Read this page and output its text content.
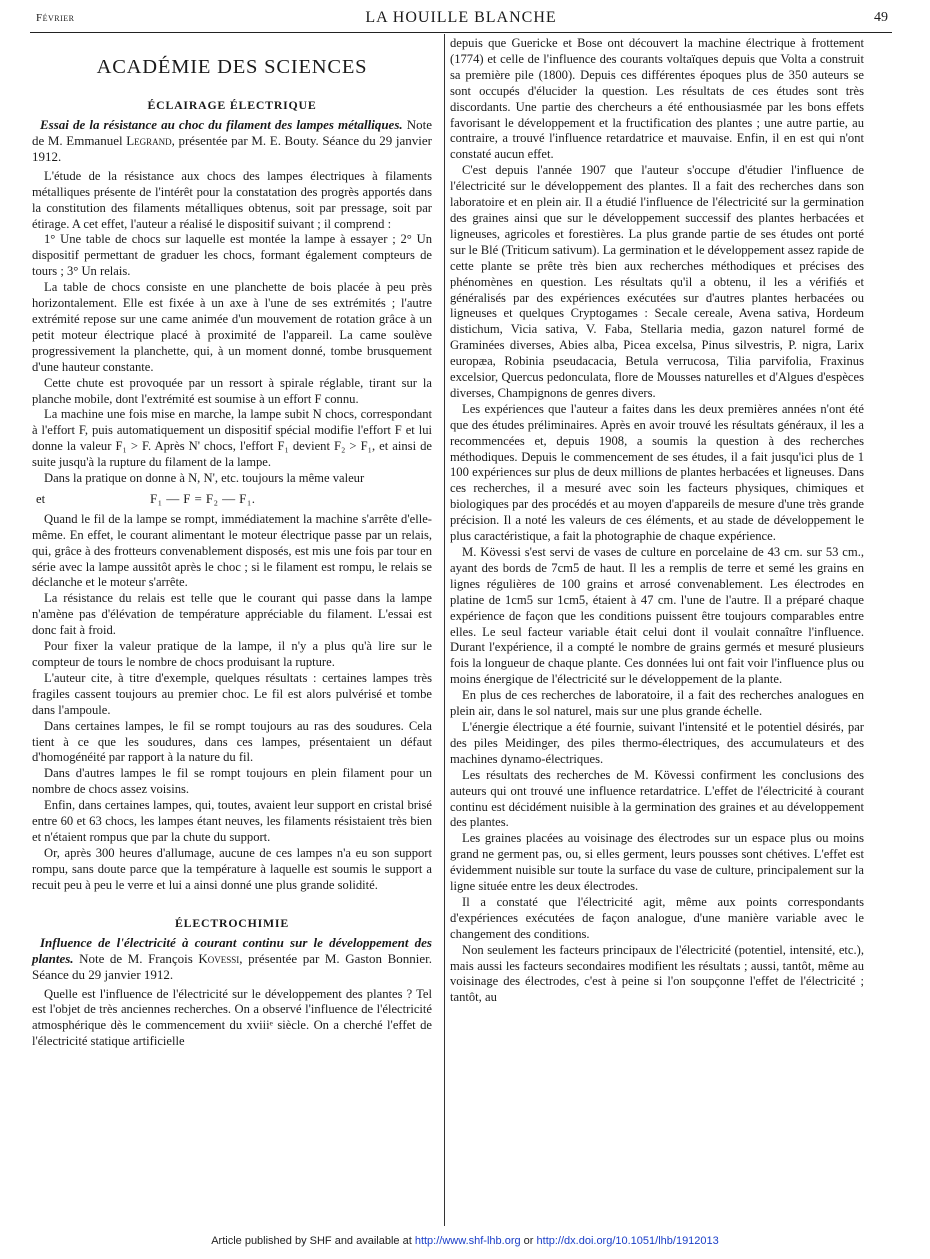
Février	LA HOUILLE BLANCHE	49
ACADÉMIE DES SCIENCES
ÉCLAIRAGE ÉLECTRIQUE
Essai de la résistance au choc du filament des lampes métalliques. Note de M. Emmanuel Legrand, présentée par M. E. Bouty. Séance du 29 janvier 1912.

L'étude de la résistance aux chocs des lampes électriques à filaments métalliques présente de l'intérêt pour la constatation des progrès apportés dans la constitution des filaments métalliques obtenus, soit par pressage, soit par étirage. A cet effet, l'auteur a réalisé le dispositif suivant ; il comprend :

1° Une table de chocs sur laquelle est montée la lampe à essayer ; 2° Un dispositif permettant de graduer les chocs, formant également compteurs de tours ; 3° Un relais.

La table de chocs consiste en une planchette de bois placée à peu près horizontalement. Elle est fixée à un axe à l'une de ses extrémités ; l'autre extrémité repose sur une came animée d'un mouvement de rotation grâce à un petit moteur électrique placé à proximité de l'appareil. La came soulève progressivement la planchette, qui, à un moment donné, tombe brusquement d'une hauteur constante.

Cette chute est provoquée par un ressort à spirale réglable, tirant sur la planche mobile, dont l'extrémité est soumise à un effort F connu.

La machine une fois mise en marche, la lampe subit N chocs, correspondant à l'effort F, puis automatiquement un dispositif spécial modifie l'effort F et lui donne la valeur F₁ > F. Après N' chocs, l'effort F₁ devient F₂ > F₁, et ainsi de suite jusqu'à la rupture du filament de la lampe.

Dans la pratique on donne à N, N', etc. toujours la même valeur

et	F₁ — F = F₂ — F₁.

Quand le fil de la lampe se rompt, immédiatement la machine s'arrête d'elle-même. En effet, le courant alimentant le moteur électrique passe par un relais, qui, grâce à des frotteurs convenablement disposés, est mis une fois par tour en série avec la lampe aussitôt après le choc ; si le filament est rompu, le relais se déclanche et le moteur s'arrête.

La résistance du relais est telle que le courant qui passe dans la lampe n'amène pas d'élévation de température appréciable du filament. L'essai est donc fait à froid.

Pour fixer la valeur pratique de la lampe, il n'y a plus qu'à lire sur le compteur de tours le nombre de chocs produisant la rupture.

L'auteur cite, à titre d'exemple, quelques résultats : certaines lampes très fragiles cassent toujours au premier choc. Le fil est alors pulvérisé et tombe dans l'ampoule.

Dans certaines lampes, le fil se rompt toujours au ras des soudures. Cela tient à ce que les soudures, dans ces lampes, présentaient un défaut d'homogénéité par rapport à la nature du fil.

Dans d'autres lampes le fil se rompt toujours en plein filament pour un nombre de chocs assez voisins.

Enfin, dans certaines lampes, qui, toutes, avaient leur support en cristal brisé entre 60 et 63 chocs, les lampes étant neuves, les filaments résistaient très bien et n'étaient rompus que par la chute du support.

Or, après 300 heures d'allumage, aucune de ces lampes n'a eu son support rompu, sans doute parce que la température à laquelle est soumis le support a recuit peu à peu le verre et lui a ainsi donné une plus grande solidité.

ÉLECTROCHIMIE
Influence de l'électricité à courant continu sur le développement des plantes. Note de M. François Kovessi, présentée par M. Gaston Bonnier. Séance du 29 janvier 1912.

Quelle est l'influence de l'électricité sur le développement des plantes ? Tel est l'objet de très anciennes recherches. On a observé l'influence de l'électricité atmosphérique dès le commencement du xviiiᵉ siècle. On a cherché l'effet de l'électricité statique artificielle

depuis que Guericke et Bose ont découvert la machine électrique à frottement (1774) et celle de l'influence des courants voltaïques depuis que Volta a construit sa première pile (1800). Depuis ces différentes époques plus de 350 auteurs se sont occupés d'élucider la question. Les résultats de ces études sont très discordants. Une partie des chercheurs a été enthousiasmée par les bons effets favorisant le développement et la fructification des plantes ; une autre partie, au contraire, a trouvé l'influence retardatrice et mauvaise. Enfin, il en est qui n'ont constaté aucun effet.

C'est depuis l'année 1907 que l'auteur s'occupe d'étudier l'influence de l'électricité sur le développement des plantes. Il a fait des recherches dans son laboratoire et en plein air. Il a étudié l'influence de l'électricité sur la germination des graines ainsi que sur le développement successif des plantes herbacées et ligneuses, agricoles et forestières. La plus grande partie de ses études ont porté sur le Blé (Triticum sativum). La germination et le développement assez rapide de cette plante se prête très bien aux recherches méthodiques et précises des phénomènes en question. Les résultats qu'il a obtenu, il les a vérifiés et généralisés par des expériences exécutées sur d'autres plantes herbacées ou ligneuses et quelques Cryptogames : Secale cereale, Avena sativa, Hordeum distichum, Vicia sativa, V. Faba, Stellaria media, gazon naturel formé de Graminées diverses, Abies alba, Picea excelsa, Pinus silvestris, P. nigra, Larix europæa, Robinia pseudacacia, Betula verrucosa, Tilia parvifolia, Fraxinus excelsior, Quercus pedonculata, flore de Mousses naturelles et d'Algues d'espèces diverses, Champignons de genres divers.

Les expériences que l'auteur a faites dans les deux premières années n'ont été que des études préliminaires. Après en avoir trouvé les résultats généraux, il les a recommencées et, depuis 1908, a soumis la question à des recherches méthodiques. Depuis le commencement de ses études, il a fait jusqu'ici plus de 1 100 expériences sur plus de deux millions de plantes herbacées et ligneuses. Dans ces recherches, il a mesuré avec soin les facteurs physiques, chimiques et biologiques par des procédés et au moyen d'appareils de mesure d'une très grande précision. Il a noté les valeurs de ces éléments, et au stade de développement le plus caractéristique, a fait la photographie de chaque expérience.

M. Kövessi s'est servi de vases de culture en porcelaine de 43 cm. sur 53 cm., ayant des bords de 7cm5 de haut. Il les a remplis de terre et semé les grains en lignes régulières de 100 grains et arrosé convenablement. Les électrodes en platine de 1cm5 sur 1cm5, étaient à 47 cm. l'une de l'autre. Il a préparé chaque expérience de façon que les conditions puissent être toujours comparables entre elles. Le seul facteur variable était celui dont il voulait connaître l'influence. Durant l'expérience, il a compté le nombre de grains germés et mesuré plusieurs fois la longueur de chaque plante. Ces données lui ont fait voir l'influence plus ou moins énergique de l'électricité sur le développement de la plante.

En plus de ces recherches de laboratoire, il a fait des recherches analogues en plein air, dans le sol naturel, mais sur une plus grande échelle.

L'énergie électrique a été fournie, suivant l'intensité et le potentiel désirés, par des piles Meidinger, des piles thermo-électriques, des accumulateurs et des machines dynamo-électriques.

Les résultats des recherches de M. Kövessi confirment les conclusions des auteurs qui ont trouvé une influence retardatrice. L'effet de l'électricité à courant continu est décidément nuisible à la germination des graines et au développement des plantes.

Les graines placées au voisinage des électrodes sur un espace plus ou moins grand ne germent pas, ou, si elles germent, leurs pousses sont chétives. L'effet est évidemment nuisible sur toute la surface du vase de culture, principalement sur la ligne située entre les deux électrodes.

Il a constaté que l'électricité agit, même aux points correspondants d'expériences exécutées de façon analogue, d'une manière variable avec le changement des conditions.

Non seulement les facteurs principaux de l'électricité (potentiel, intensité, etc.), mais aussi les facteurs secondaires modifient les résultats ; aussi, tantôt, même au voisinage des électrodes, c'est à peine si l'on soupçonne l'effet de l'électricité ; tantôt, au

Article published by SHF and available at http://www.shf-lhb.org or http://dx.doi.org/10.1051/lhb/1912013
